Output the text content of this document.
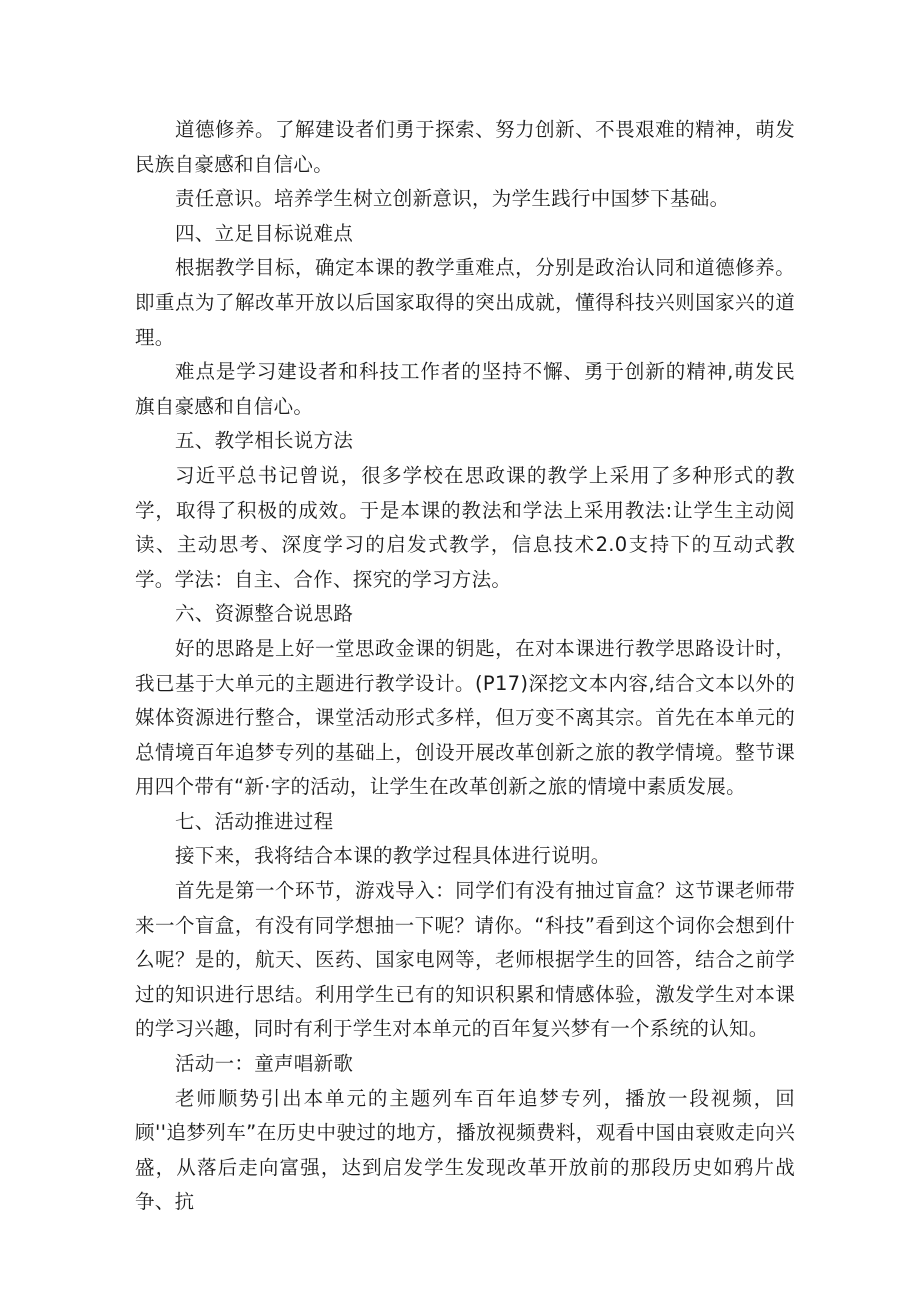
道德修养。了解建设者们勇于探索、努力创新、不畏艰难的精神，萌发民族自豪感和自信心。

责任意识。培养学生树立创新意识，为学生践行中国梦下基础。

四、立足目标说难点

根据教学目标，确定本课的教学重难点，分别是政治认同和道德修养。即重点为了解改革开放以后国家取得的突出成就，懂得科技兴则国家兴的道理。

难点是学习建设者和科技工作者的坚持不懈、勇于创新的精神,萌发民旗自豪感和自信心。

五、教学相长说方法

习近平总书记曾说，很多学校在思政课的教学上采用了多种形式的教学，取得了积极的成效。于是本课的教法和学法上采用教法:让学生主动阅读、主动思考、深度学习的启发式教学，信息技术2.0支持下的互动式教学。学法：自主、合作、探究的学习方法。

六、资源整合说思路

好的思路是上好一堂思政金课的钥匙，在对本课进行教学思路设计时，我已基于大单元的主题进行教学设计。(P17)深挖文本内容,结合文本以外的媒体资源进行整合，课堂活动形式多样，但万变不离其宗。首先在本单元的总情境百年追梦专列的基础上，创设开展改革创新之旅的教学情境。整节课用四个带有“新·字的活动，让学生在改革创新之旅的情境中素质发展。

七、活动推进过程

接下来，我将结合本课的教学过程具体进行说明。

首先是第一个环节，游戏导入：同学们有没有抽过盲盒？这节课老师带来一个盲盒，有没有同学想抽一下呢？请你。“科技”看到这个词你会想到什么呢？是的，航天、医药、国家电网等，老师根据学生的回答，结合之前学过的知识进行思结。利用学生已有的知识积累和情感体验，激发学生对本课的学习兴趣，同时有利于学生对本单元的百年复兴梦有一个系统的认知。

活动一：童声唱新歌

老师顺势引出本单元的主题列车百年追梦专列，播放一段视频，回顾''追梦列车”在历史中驶过的地方，播放视频费料，观看中国由衰败走向兴盛，从落后走向富强，达到启发学生发现改革开放前的那段历史如鸦片战争、抗
